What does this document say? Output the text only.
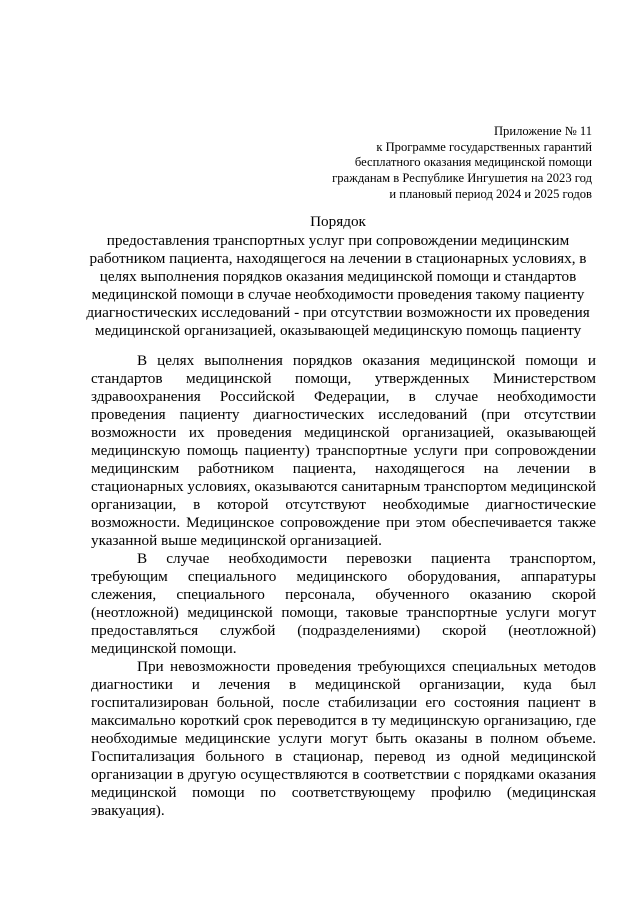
Приложение № 11
к Программе государственных гарантий
бесплатного оказания медицинской помощи
гражданам в Республике Ингушетия на 2023 год
и плановый период 2024 и 2025 годов
Порядок
предоставления транспортных услуг при сопровождении медицинским
работником пациента, находящегося на лечении в стационарных условиях, в
целях выполнения порядков оказания медицинской помощи и стандартов
медицинской помощи в случае необходимости проведения такому пациенту
диагностических исследований - при отсутствии возможности их проведения
медицинской организацией, оказывающей медицинскую помощь пациенту

В целях выполнения порядков оказания медицинской помощи и стандартов медицинской помощи, утвержденных Министерством здравоохранения Российской Федерации, в случае необходимости проведения пациенту диагностических исследований (при отсутствии возможности их проведения медицинской организацией, оказывающей медицинскую помощь пациенту) транспортные услуги при сопровождении медицинским работником пациента, находящегося на лечении в стационарных условиях, оказываются санитарным транспортом медицинской организации, в которой отсутствуют необходимые диагностические возможности. Медицинское сопровождение при этом обеспечивается также указанной выше медицинской организацией.

В случае необходимости перевозки пациента транспортом, требующим специального медицинского оборудования, аппаратуры слежения, специального персонала, обученного оказанию скорой (неотложной) медицинской помощи, таковые транспортные услуги могут предоставляться службой (подразделениями) скорой (неотложной) медицинской помощи.

При невозможности проведения требующихся специальных методов диагностики и лечения в медицинской организации, куда был госпитализирован больной, после стабилизации его состояния пациент в максимально короткий срок переводится в ту медицинскую организацию, где необходимые медицинские услуги могут быть оказаны в полном объеме. Госпитализация больного в стационар, перевод из одной медицинской организации в другую осуществляются в соответствии с порядками оказания медицинской помощи по соответствующему профилю (медицинская эвакуация).
